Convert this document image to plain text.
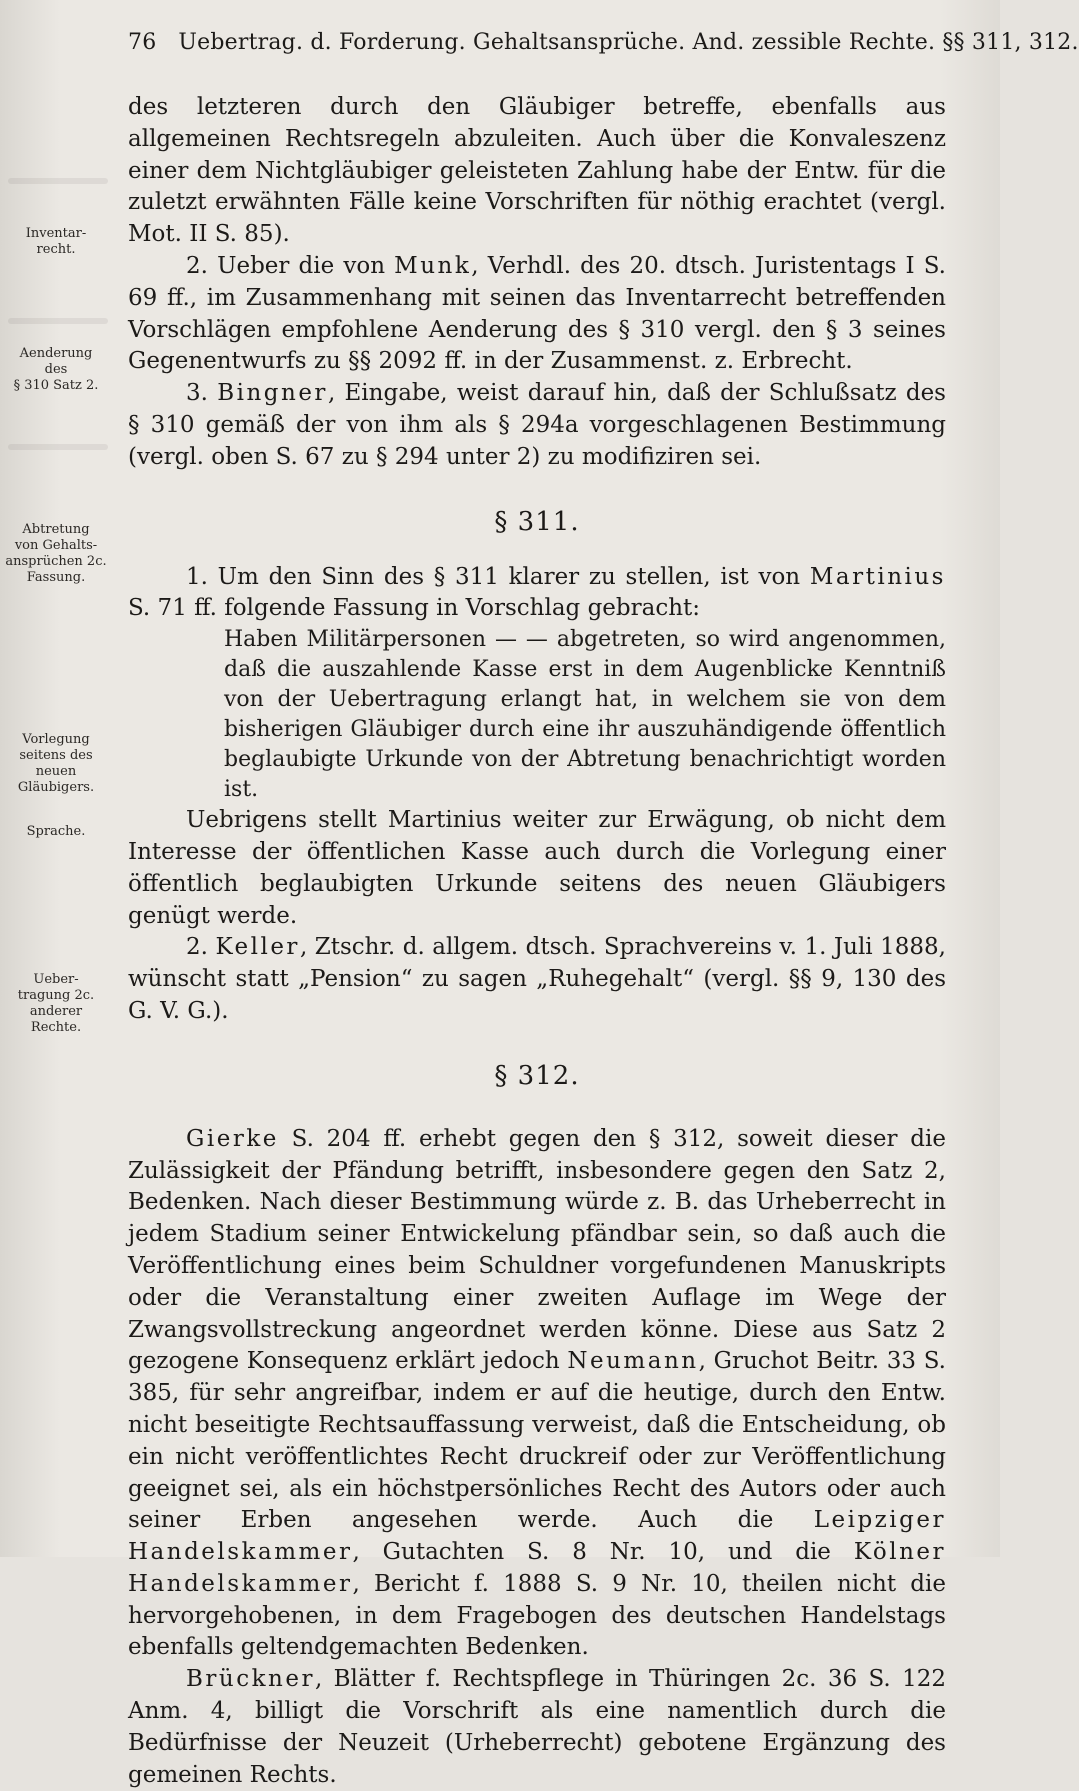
76 Uebertrag. d. Forderung. Gehaltsansprüche. And. zessible Rechte. §§ 311, 312.
Inventar-
recht.
Aenderung
des
§ 310 Satz 2.
Abtretung
von Gehalts-
ansprüchen 2c.
Fassung.
Vorlegung
seitens des
neuen
Gläubigers.
Sprache.
Ueber-
tragung 2c.
anderer
Rechte.

des letzteren durch den Gläubiger betreffe, ebenfalls aus allgemeinen Rechtsregeln abzuleiten. Auch über die Konvaleszenz einer dem Nichtgläubiger geleisteten Zahlung habe der Entw. für die zuletzt erwähnten Fälle keine Vorschriften für nöthig erachtet (vergl. Mot. II S. 85).

2. Ueber die von Munk, Verhdl. des 20. dtsch. Juristentags I S. 69 ff., im Zusammenhang mit seinen das Inventarrecht betreffenden Vorschlägen empfohlene Aenderung des § 310 vergl. den § 3 seines Gegenentwurfs zu §§ 2092 ff. in der Zusammenst. z. Erbrecht.

3. Bingner, Eingabe, weist darauf hin, daß der Schlußsatz des § 310 gemäß der von ihm als § 294a vorgeschlagenen Bestimmung (vergl. oben S. 67 zu § 294 unter 2) zu modifiziren sei.

§ 311.

1. Um den Sinn des § 311 klarer zu stellen, ist von Martinius S. 71 ff. folgende Fassung in Vorschlag gebracht:

Haben Militärpersonen — — abgetreten, so wird angenommen, daß die auszahlende Kasse erst in dem Augenblicke Kenntniß von der Uebertragung erlangt hat, in welchem sie von dem bisherigen Gläubiger durch eine ihr auszuhändigende öffentlich beglaubigte Urkunde von der Abtretung benachrichtigt worden ist.

Uebrigens stellt Martinius weiter zur Erwägung, ob nicht dem Interesse der öffentlichen Kasse auch durch die Vorlegung einer öffentlich beglaubigten Urkunde seitens des neuen Gläubigers genügt werde.

2. Keller, Ztschr. d. allgem. dtsch. Sprachvereins v. 1. Juli 1888, wünscht statt „Pension“ zu sagen „Ruhegehalt“ (vergl. §§ 9, 130 des G. V. G.).

§ 312.

Gierke S. 204 ff. erhebt gegen den § 312, soweit dieser die Zulässigkeit der Pfändung betrifft, insbesondere gegen den Satz 2, Bedenken. Nach dieser Bestimmung würde z. B. das Urheberrecht in jedem Stadium seiner Entwickelung pfändbar sein, so daß auch die Veröffentlichung eines beim Schuldner vorgefundenen Manuskripts oder die Veranstaltung einer zweiten Auflage im Wege der Zwangsvollstreckung angeordnet werden könne. Diese aus Satz 2 gezogene Konsequenz erklärt jedoch Neumann, Gruchot Beitr. 33 S. 385, für sehr angreifbar, indem er auf die heutige, durch den Entw. nicht beseitigte Rechtsauffassung verweist, daß die Entscheidung, ob ein nicht veröffentlichtes Recht druckreif oder zur Veröffentlichung geeignet sei, als ein höchstpersönliches Recht des Autors oder auch seiner Erben angesehen werde. Auch die Leipziger Handelskammer, Gutachten S. 8 Nr. 10, und die Kölner Handelskammer, Bericht f. 1888 S. 9 Nr. 10, theilen nicht die hervorgehobenen, in dem Fragebogen des deutschen Handelstags ebenfalls geltendgemachten Bedenken.

Brückner, Blätter f. Rechtspflege in Thüringen 2c. 36 S. 122 Anm. 4, billigt die Vorschrift als eine namentlich durch die Bedürfnisse der Neuzeit (Urheberrecht) gebotene Ergänzung des gemeinen Rechts.
